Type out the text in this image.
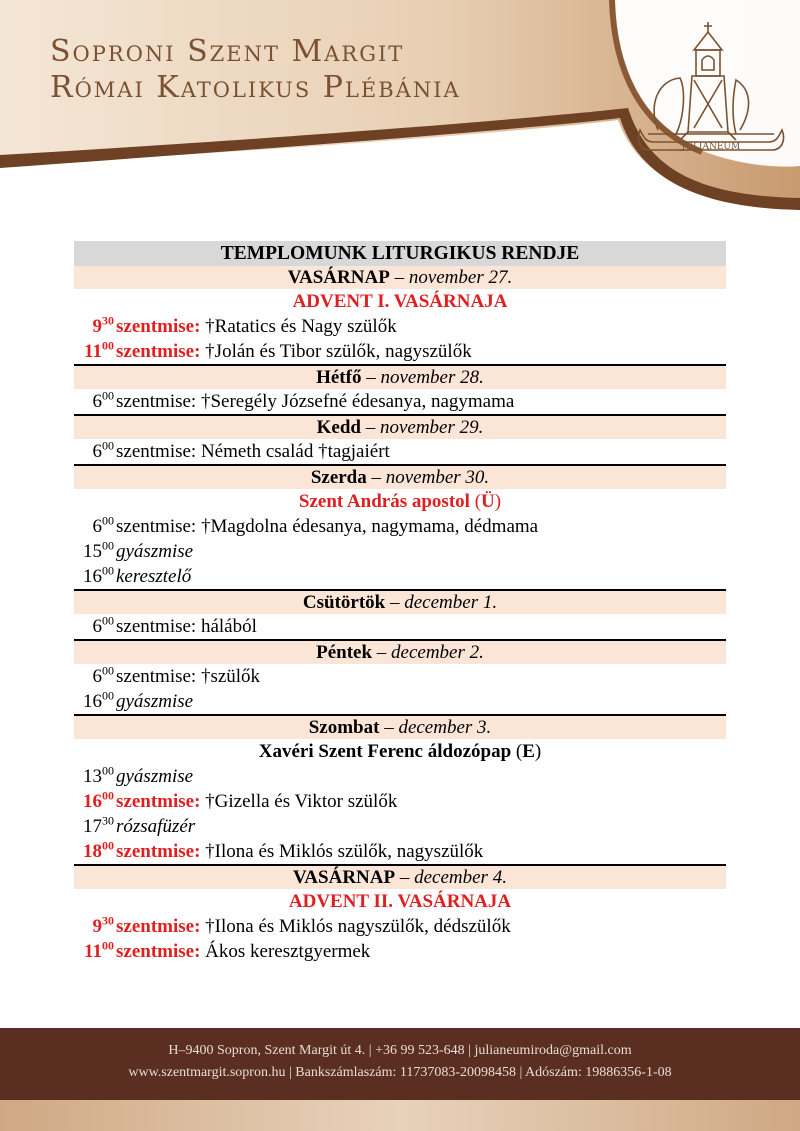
Soproni Szent Margit
Római Katolikus Plébánia
JULIANEUM
TEMPLOMUNK LITURGIKUS RENDJE
VASÁRNAP – november 27.
ADVENT I. VASÁRNAJA
$9^{30}$ szentmise: †Ratatics és Nagy szülők
$11^{00}$ szentmise: †Jolán és Tibor szülők, nagyszülők
Hétfő – november 28.
$6^{00}$ szentmise: †Seregély Józsefné édesanya, nagymama
Kedd – november 29.
$6^{00}$ szentmise: Németh család †tagjaiért
Szerda – november 30.
Szent András apostol (Ü)
$6^{00}$ szentmise: †Magdolna édesanya, nagymama, dédmama
$15^{00}$ gyászmise
$16^{00}$ keresztelő
Csütörtök – december 1.
$6^{00}$ szentmise: hálából
Péntek – december 2.
$6^{00}$ szentmise: †szülők
$16^{00}$ gyászmise
Szombat – december 3.
Xavéri Szent Ferenc áldozópap (E)
$13^{00}$ gyászmise
$16^{00}$ szentmise: †Gizella és Viktor szülők
$17^{30}$ rózsafüzér
$18^{00}$ szentmise: †Ilona és Miklós szülők, nagyszülők
VASÁRNAP – december 4.
ADVENT II. VASÁRNAJA
$9^{30}$ szentmise: †Ilona és Miklós nagyszülők, dédszülők
$11^{00}$ szentmise: Ákos keresztgyermek
H–9400 Sopron, Szent Margit út 4. | +36 99 523-648 | julianeumiroda@gmail.com
www.szentmargit.sopron.hu | Bankszámlaszám: 11737083-20098458 | Adószám: 19886356-1-08
